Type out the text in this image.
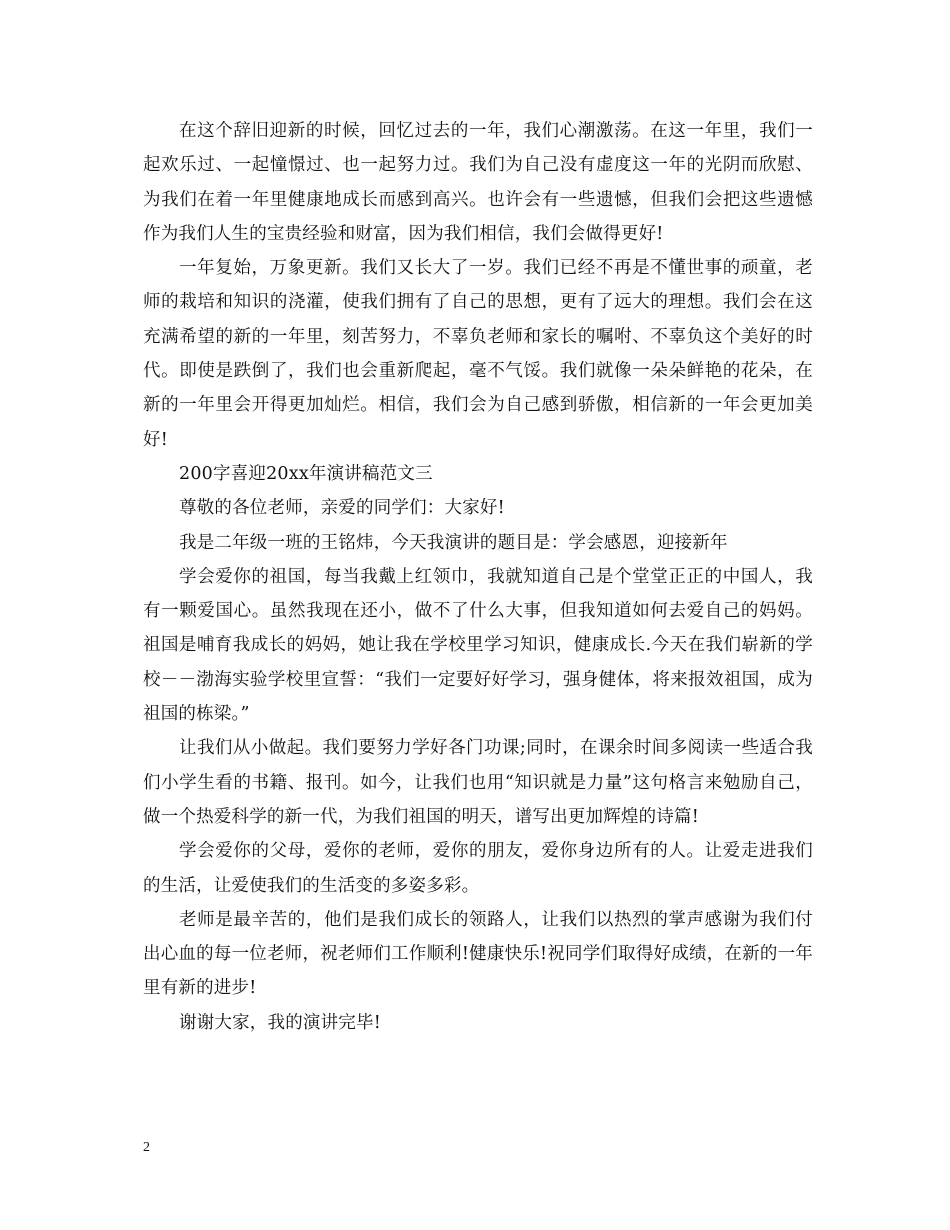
在这个辞旧迎新的时候，回忆过去的一年，我们心潮激荡。在这一年里，我们一起欢乐过、一起憧憬过、也一起努力过。我们为自己没有虚度这一年的光阴而欣慰、为我们在着一年里健康地成长而感到高兴。也许会有一些遗憾，但我们会把这些遗憾作为我们人生的宝贵经验和财富，因为我们相信，我们会做得更好!

一年复始，万象更新。我们又长大了一岁。我们已经不再是不懂世事的顽童，老师的栽培和知识的浇灌，使我们拥有了自己的思想，更有了远大的理想。我们会在这充满希望的新的一年里，刻苦努力，不辜负老师和家长的嘱咐、不辜负这个美好的时代。即使是跌倒了，我们也会重新爬起，毫不气馁。我们就像一朵朵鲜艳的花朵，在新的一年里会开得更加灿烂。相信，我们会为自己感到骄傲，相信新的一年会更加美好!

200字喜迎20xx年演讲稿范文三

尊敬的各位老师，亲爱的同学们：大家好!

我是二年级一班的王铭炜，今天我演讲的题目是：学会感恩，迎接新年

学会爱你的祖国，每当我戴上红领巾，我就知道自己是个堂堂正正的中国人，我有一颗爱国心。虽然我现在还小，做不了什么大事，但我知道如何去爱自己的妈妈。祖国是哺育我成长的妈妈，她让我在学校里学习知识，健康成长.今天在我们崭新的学校－－渤海实验学校里宣誓：“我们一定要好好学习，强身健体，将来报效祖国，成为祖国的栋梁。”

让我们从小做起。我们要努力学好各门功课;同时，在课余时间多阅读一些适合我们小学生看的书籍、报刊。如今，让我们也用“知识就是力量”这句格言来勉励自己，做一个热爱科学的新一代，为我们祖国的明天，谱写出更加辉煌的诗篇!

学会爱你的父母，爱你的老师，爱你的朋友，爱你身边所有的人。让爱走进我们的生活，让爱使我们的生活变的多姿多彩。

老师是最辛苦的，他们是我们成长的领路人，让我们以热烈的掌声感谢为我们付出心血的每一位老师，祝老师们工作顺利!健康快乐!祝同学们取得好成绩，在新的一年里有新的进步!

谢谢大家，我的演讲完毕!

2
